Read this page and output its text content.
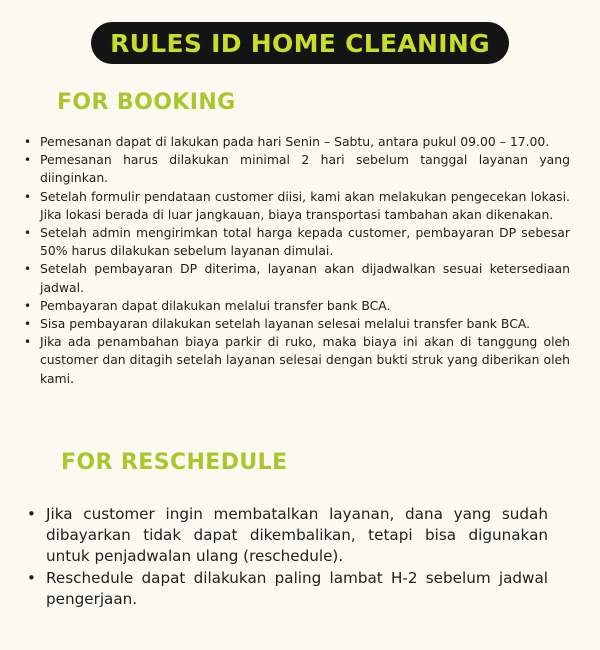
RULES ID HOME CLEANING
FOR BOOKING
• Pemesanan dapat di lakukan pada hari Senin – Sabtu, antara pukul 09.00 – 17.00.
• Pemesanan harus dilakukan minimal 2 hari sebelum tanggal layanan yang diinginkan.
• Setelah formulir pendataan customer diisi, kami akan melakukan pengecekan lokasi. Jika lokasi berada di luar jangkauan, biaya transportasi tambahan akan dikenakan.
• Setelah admin mengirimkan total harga kepada customer, pembayaran DP sebesar 50% harus dilakukan sebelum layanan dimulai.
• Setelah pembayaran DP diterima, layanan akan dijadwalkan sesuai ketersediaan jadwal.
• Pembayaran dapat dilakukan melalui transfer bank BCA.
• Sisa pembayaran dilakukan setelah layanan selesai melalui transfer bank BCA.
• Jika ada penambahan biaya parkir di ruko, maka biaya ini akan di tanggung oleh customer dan ditagih setelah layanan selesai dengan bukti struk yang diberikan oleh kami.
FOR RESCHEDULE
• Jika customer ingin membatalkan layanan, dana yang sudah dibayarkan tidak dapat dikembalikan, tetapi bisa digunakan untuk penjadwalan ulang (reschedule).
• Reschedule dapat dilakukan paling lambat H-2 sebelum jadwal pengerjaan.
